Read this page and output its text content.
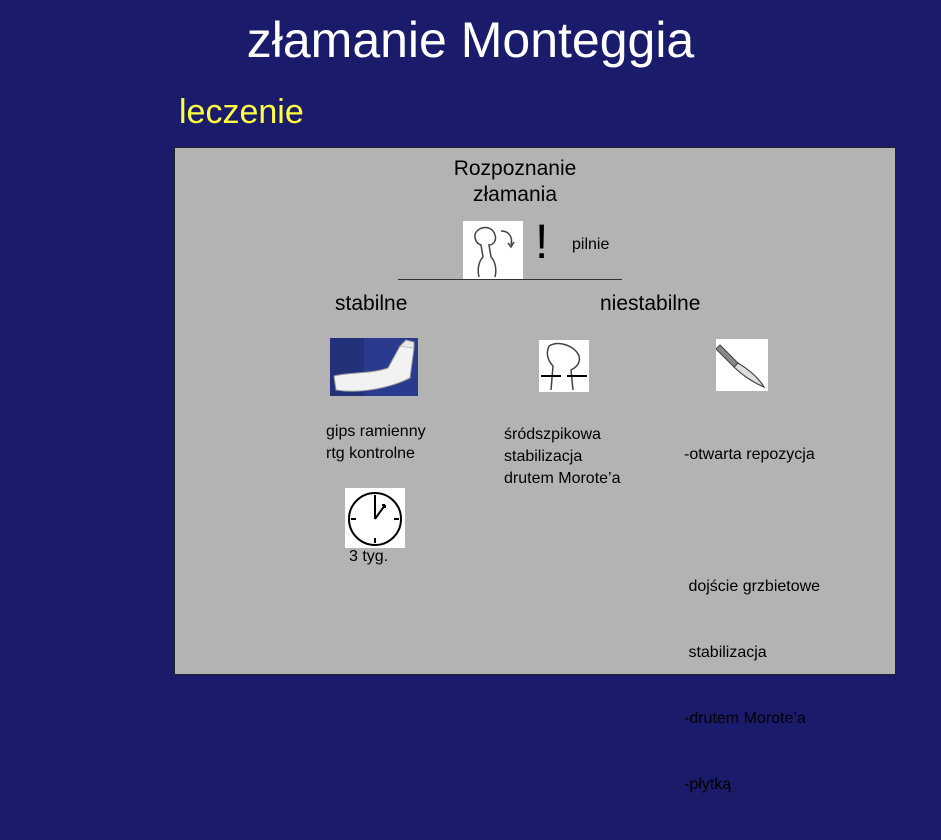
złamanie Monteggia
leczenie
Rozpoznanie
złamania
! pilnie
stabilne	niestabilne
gips ramienny
rtg kontrolne
śródszpikowa
stabilizacja
drutem Morote’a

-otwarta repozycja

dojście grzbietowe

stabilizacja

-drutem Morote’a

-płytką

3 tyg.
